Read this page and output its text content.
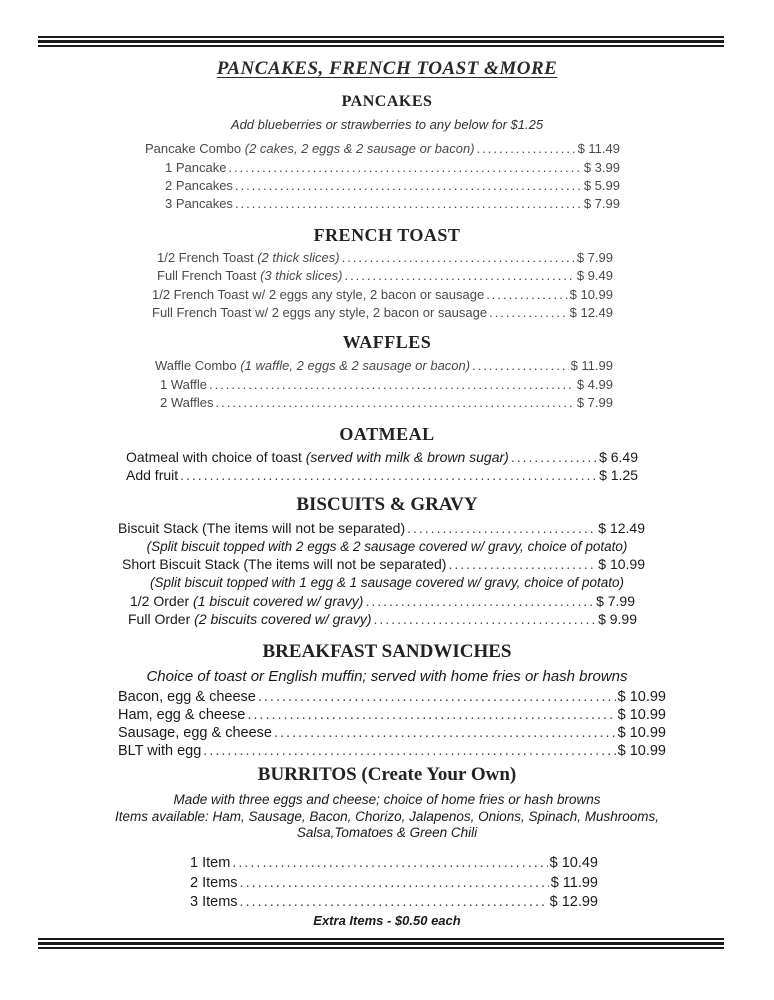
PANCAKES, FRENCH TOAST &MORE
PANCAKES
Add blueberries or strawberries to any below for $1.25
Pancake Combo (2 cakes, 2 eggs & 2 sausage or bacon) .....	$ 11.49
1 Pancake .....	$ 3.99
2 Pancakes .....	$ 5.99
3 Pancakes .....	$ 7.99
FRENCH TOAST
1/2 French Toast (2 thick slices) .....	$ 7.99
Full French Toast (3 thick slices) .....	$ 9.49
1/2 French Toast w/ 2 eggs any style, 2 bacon or sausage .....	$ 10.99
Full French Toast w/ 2 eggs any style, 2 bacon or sausage .....	$ 12.49
WAFFLES
Waffle Combo (1 waffle, 2 eggs & 2 sausage or bacon) .....	$ 11.99
1 Waffle .....	$ 4.99
2 Waffles .....	$ 7.99
OATMEAL
Oatmeal with choice of toast (served with milk & brown sugar) .....	$ 6.49
Add fruit .....	$ 1.25
BISCUITS & GRAVY
Biscuit Stack (The items will not be separated) .....	$ 12.49
(Split biscuit topped with 2 eggs & 2 sausage covered w/ gravy, choice of potato)
Short Biscuit Stack (The items will not be separated) .....	$ 10.99
(Split biscuit topped with 1 egg & 1 sausage covered w/ gravy, choice of potato)
1/2 Order (1 biscuit covered w/ gravy) .....	$ 7.99
Full Order (2 biscuits covered w/ gravy) .....	$ 9.99
BREAKFAST SANDWICHES
Choice of toast or English muffin; served with home fries or hash browns
Bacon, egg & cheese .....	$ 10.99
Ham, egg & cheese .....	$ 10.99
Sausage, egg & cheese .....	$ 10.99
BLT with egg .....	$ 10.99
BURRITOS (Create Your Own)
Made with three eggs and cheese; choice of home fries or hash browns
Items available: Ham, Sausage, Bacon, Chorizo, Jalapenos, Onions, Spinach, Mushrooms,
Salsa,Tomatoes & Green Chili
1 Item .....	$ 10.49
2 Items .....	$ 11.99
3 Items .....	$ 12.99
Extra Items - $0.50 each
